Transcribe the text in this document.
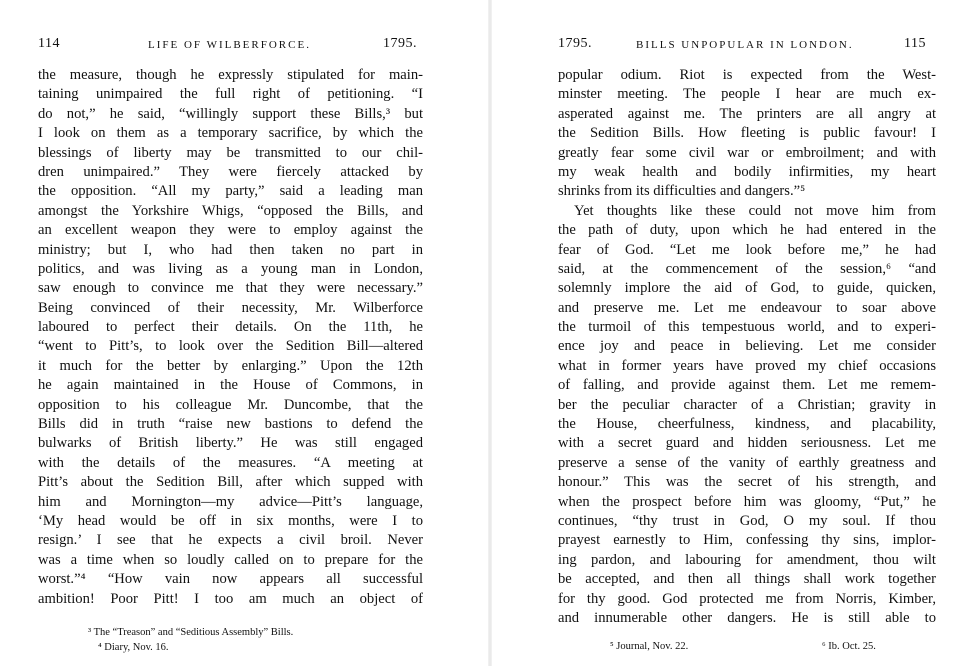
114	LIFE OF WILBERFORCE.	1795.
the measure, though he expressly stipulated for main-
taining unimpaired the full right of petitioning. “I
do not,” he said, “willingly support these Bills,³ but
I look on them as a temporary sacrifice, by which the
blessings of liberty may be transmitted to our chil-
dren unimpaired.” They were fiercely attacked by
the opposition. “All my party,” said a leading man
amongst the Yorkshire Whigs, “opposed the Bills, and
an excellent weapon they were to employ against the
ministry; but I, who had then taken no part in
politics, and was living as a young man in London,
saw enough to convince me that they were necessary.”
Being convinced of their necessity, Mr. Wilberforce
laboured to perfect their details. On the 11th, he
“went to Pitt’s, to look over the Sedition Bill—altered
it much for the better by enlarging.” Upon the 12th
he again maintained in the House of Commons, in
opposition to his colleague Mr. Duncombe, that the
Bills did in truth “raise new bastions to defend the
bulwarks of British liberty.” He was still engaged
with the details of the measures. “A meeting at
Pitt’s about the Sedition Bill, after which supped with
him and Mornington—my advice—Pitt’s language,
‘My head would be off in six months, were I to
resign.’ I see that he expects a civil broil. Never
was a time when so loudly called on to prepare for the
worst.”⁴ “How vain now appears all successful
ambition! Poor Pitt! I too am much an object of
³ The “Treason” and “Seditious Assembly” Bills.
⁴ Diary, Nov. 16.
1795.	BILLS UNPOPULAR IN LONDON.	115
popular odium. Riot is expected from the West-
minster meeting. The people I hear are much ex-
asperated against me. The printers are all angry at
the Sedition Bills. How fleeting is public favour! I
greatly fear some civil war or embroilment; and with
my weak health and bodily infirmities, my heart
shrinks from its difficulties and dangers.”⁵
Yet thoughts like these could not move him from
the path of duty, upon which he had entered in the
fear of God. “Let me look before me,” he had
said, at the commencement of the session,⁶ “and
solemnly implore the aid of God, to guide, quicken,
and preserve me. Let me endeavour to soar above
the turmoil of this tempestuous world, and to experi-
ence joy and peace in believing. Let me consider
what in former years have proved my chief occasions
of falling, and provide against them. Let me remem-
ber the peculiar character of a Christian; gravity in
the House, cheerfulness, kindness, and placability,
with a secret guard and hidden seriousness. Let me
preserve a sense of the vanity of earthly greatness and
honour.” This was the secret of his strength, and
when the prospect before him was gloomy, “Put,” he
continues, “thy trust in God, O my soul. If thou
prayest earnestly to Him, confessing thy sins, implor-
ing pardon, and labouring for amendment, thou wilt
be accepted, and then all things shall work together
for thy good. God protected me from Norris, Kimber,
and innumerable other dangers. He is still able to
⁵ Journal, Nov. 22.	⁶ Ib. Oct. 25.
